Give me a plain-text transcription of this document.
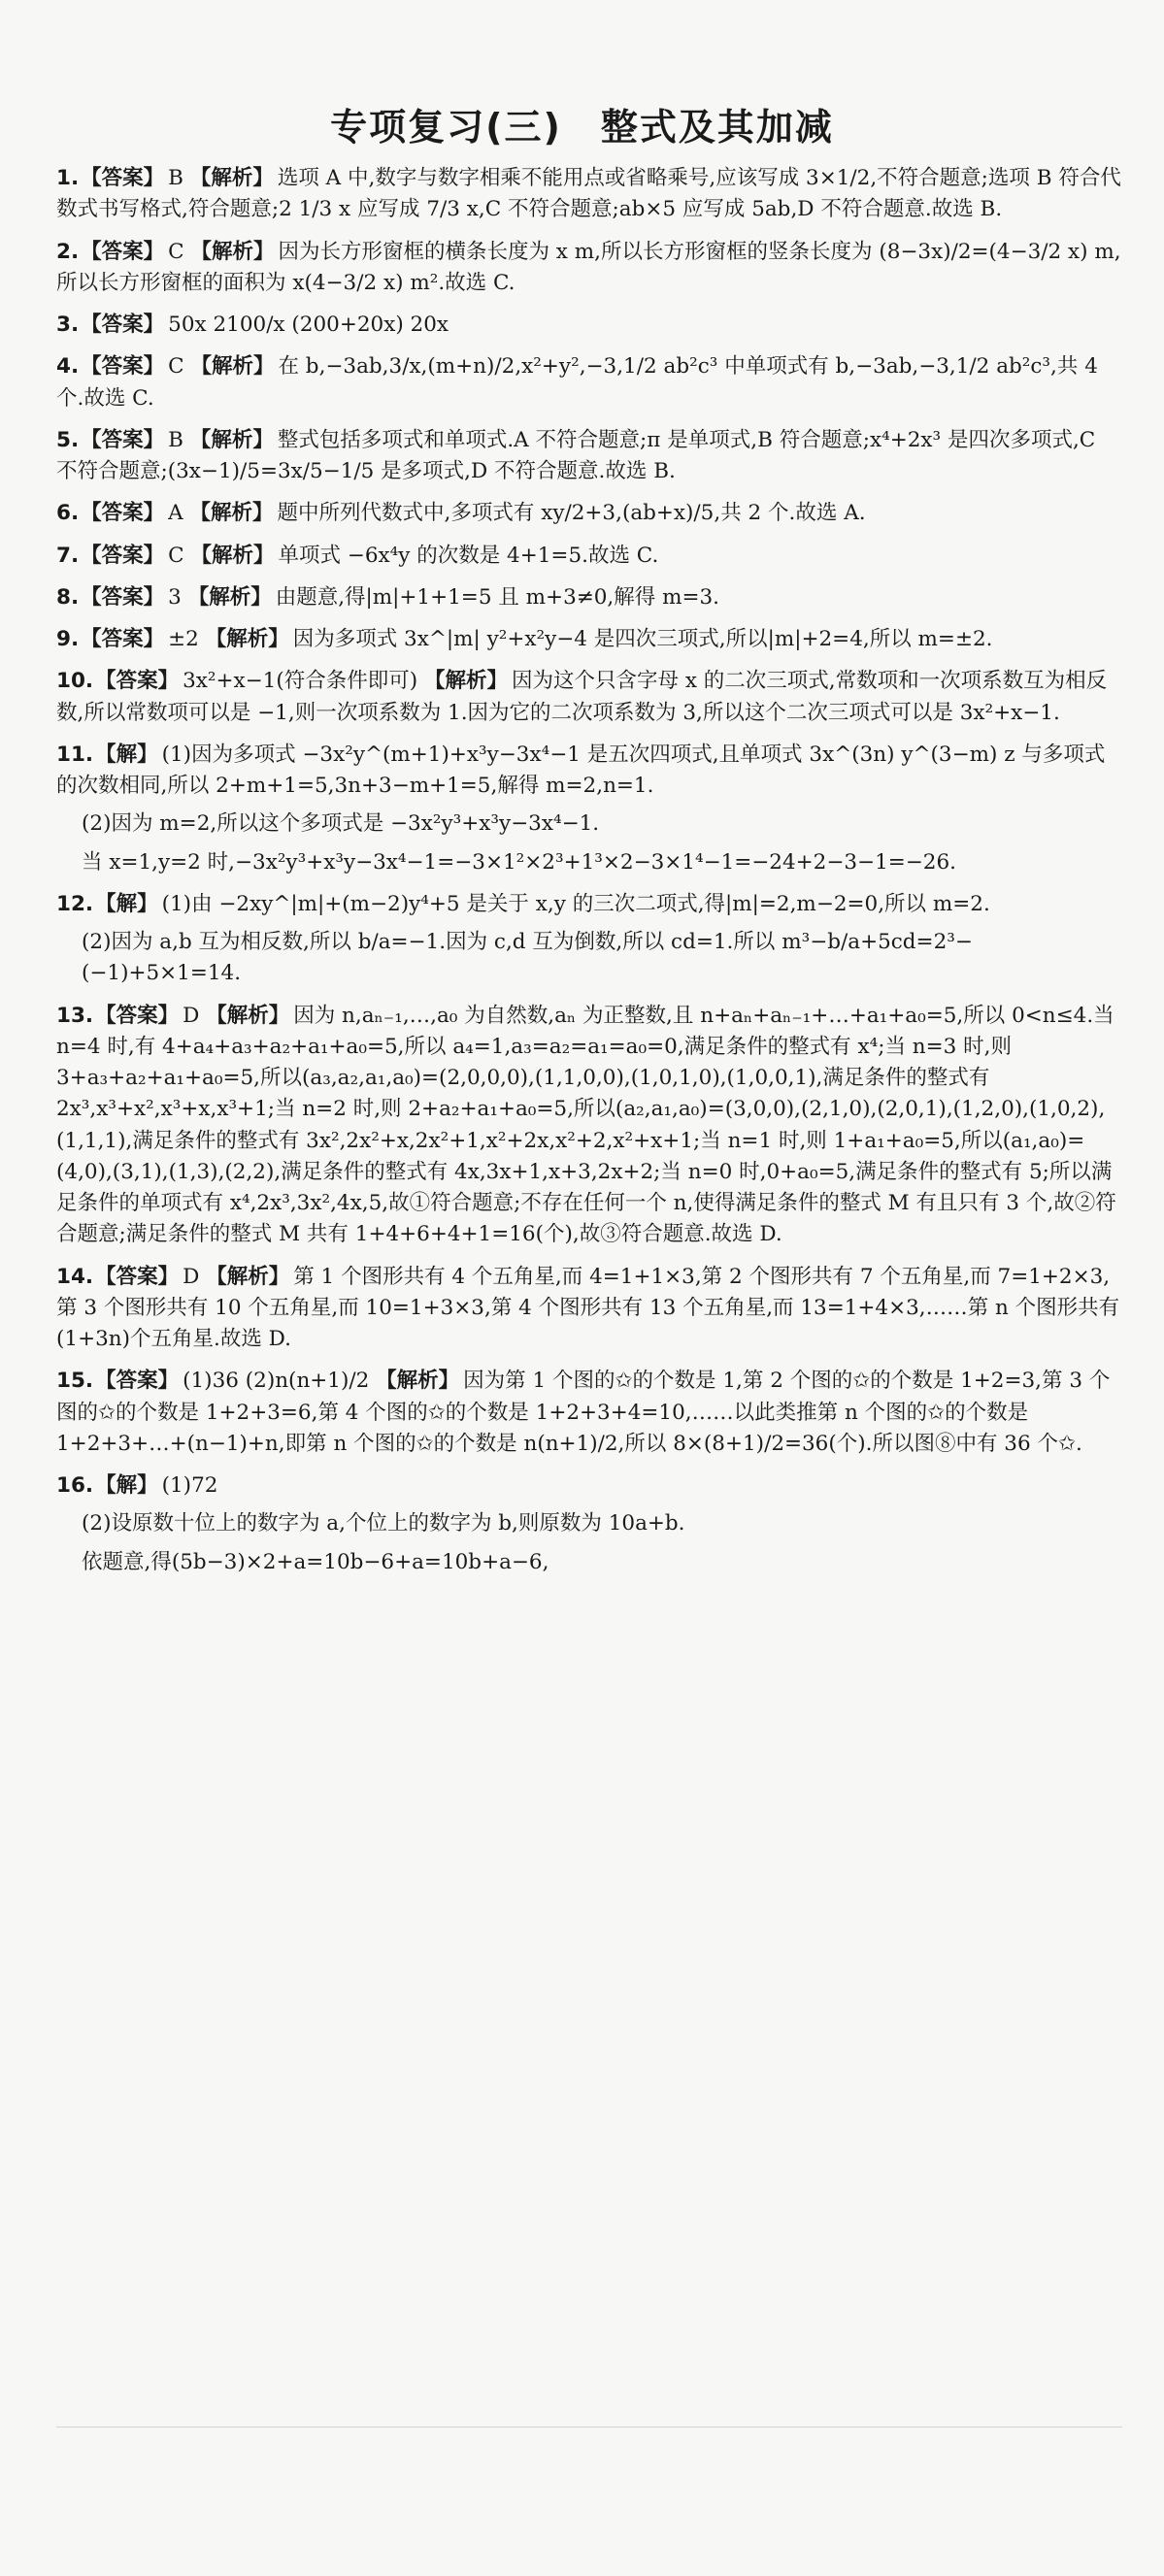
专项复习(三) 整式及其加减

1.【答案】 B 【解析】 选项 A 中,数字与数字相乘不能用点或省略乘号,应该写成 3×1/2,不符合题意;选项 B 符合代数式书写格式,符合题意;2 1/3 x 应写成 7/3 x,C 不符合题意;ab×5 应写成 5ab,D 不符合题意.故选 B.

2.【答案】 C 【解析】 因为长方形窗框的横条长度为 x m,所以长方形窗框的竖条长度为 (8−3x)/2=(4−3/2 x) m,所以长方形窗框的面积为 x(4−3/2 x) m².故选 C.

3.【答案】 50x 2100/x (200+20x) 20x

4.【答案】 C 【解析】 在 b,−3ab,3/x,(m+n)/2,x²+y²,−3,1/2 ab²c³ 中单项式有 b,−3ab,−3,1/2 ab²c³,共 4 个.故选 C.

5.【答案】 B 【解析】 整式包括多项式和单项式.A 不符合题意;π 是单项式,B 符合题意;x⁴+2x³ 是四次多项式,C 不符合题意;(3x−1)/5=3x/5−1/5 是多项式,D 不符合题意.故选 B.

6.【答案】 A 【解析】 题中所列代数式中,多项式有 xy/2+3,(ab+x)/5,共 2 个.故选 A.

7.【答案】 C 【解析】 单项式 −6x⁴y 的次数是 4+1=5.故选 C.

8.【答案】 3 【解析】 由题意,得|m|+1+1=5 且 m+3≠0,解得 m=3.

9.【答案】 ±2 【解析】 因为多项式 3x^|m| y²+x²y−4 是四次三项式,所以|m|+2=4,所以 m=±2.

10.【答案】 3x²+x−1(符合条件即可) 【解析】 因为这个只含字母 x 的二次三项式,常数项和一次项系数互为相反数,所以常数项可以是 −1,则一次项系数为 1.因为它的二次项系数为 3,所以这个二次三项式可以是 3x²+x−1.

11.【解】 (1)因为多项式 −3x²y^(m+1)+x³y−3x⁴−1 是五次四项式,且单项式 3x^(3n) y^(3−m) z 与多项式的次数相同,所以 2+m+1=5,3n+3−m+1=5,解得 m=2,n=1.

(2)因为 m=2,所以这个多项式是 −3x²y³+x³y−3x⁴−1.

当 x=1,y=2 时,−3x²y³+x³y−3x⁴−1=−3×1²×2³+1³×2−3×1⁴−1=−24+2−3−1=−26.

12.【解】 (1)由 −2xy^|m|+(m−2)y⁴+5 是关于 x,y 的三次二项式,得|m|=2,m−2=0,所以 m=2.

(2)因为 a,b 互为相反数,所以 b/a=−1.因为 c,d 互为倒数,所以 cd=1.所以 m³−b/a+5cd=2³−(−1)+5×1=14.

13.【答案】 D 【解析】 因为 n,aₙ₋₁,…,a₀ 为自然数,aₙ 为正整数,且 n+aₙ+aₙ₋₁+…+a₁+a₀=5,所以 0<n≤4.当 n=4 时,有 4+a₄+a₃+a₂+a₁+a₀=5,所以 a₄=1,a₃=a₂=a₁=a₀=0,满足条件的整式有 x⁴;当 n=3 时,则 3+a₃+a₂+a₁+a₀=5,所以(a₃,a₂,a₁,a₀)=(2,0,0,0),(1,1,0,0),(1,0,1,0),(1,0,0,1),满足条件的整式有 2x³,x³+x²,x³+x,x³+1;当 n=2 时,则 2+a₂+a₁+a₀=5,所以(a₂,a₁,a₀)=(3,0,0),(2,1,0),(2,0,1),(1,2,0),(1,0,2),(1,1,1),满足条件的整式有 3x²,2x²+x,2x²+1,x²+2x,x²+2,x²+x+1;当 n=1 时,则 1+a₁+a₀=5,所以(a₁,a₀)=(4,0),(3,1),(1,3),(2,2),满足条件的整式有 4x,3x+1,x+3,2x+2;当 n=0 时,0+a₀=5,满足条件的整式有 5;所以满足条件的单项式有 x⁴,2x³,3x²,4x,5,故①符合题意;不存在任何一个 n,使得满足条件的整式 M 有且只有 3 个,故②符合题意;满足条件的整式 M 共有 1+4+6+4+1=16(个),故③符合题意.故选 D.

14.【答案】 D 【解析】 第 1 个图形共有 4 个五角星,而 4=1+1×3,第 2 个图形共有 7 个五角星,而 7=1+2×3,第 3 个图形共有 10 个五角星,而 10=1+3×3,第 4 个图形共有 13 个五角星,而 13=1+4×3,……第 n 个图形共有(1+3n)个五角星.故选 D.

15.【答案】 (1)36 (2)n(n+1)/2 【解析】 因为第 1 个图的✩的个数是 1,第 2 个图的✩的个数是 1+2=3,第 3 个图的✩的个数是 1+2+3=6,第 4 个图的✩的个数是 1+2+3+4=10,……以此类推第 n 个图的✩的个数是 1+2+3+…+(n−1)+n,即第 n 个图的✩的个数是 n(n+1)/2,所以 8×(8+1)/2=36(个).所以图⑧中有 36 个✩.

16.【解】 (1)72

(2)设原数十位上的数字为 a,个位上的数字为 b,则原数为 10a+b.

依题意,得(5b−3)×2+a=10b−6+a=10b+a−6,
